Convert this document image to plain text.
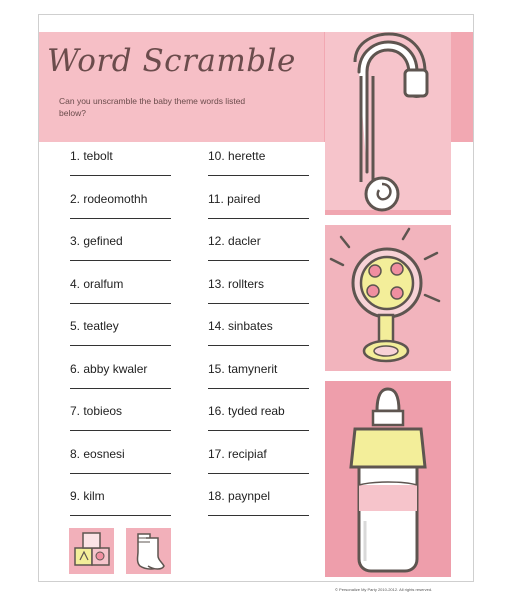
Word Scramble
Can you unscramble the baby theme words listed below?
1. tebolt
2. rodeomothh
3. gefined
4. oralfum
5. teatley
6. abby kwaler
7. tobieos
8. eosnesi
9. kilm
10. herette
11. paired
12. dacler
13. rollters
14. sinbates
15. tamynerit
16. tyded reab
17. recipiaf
18. paynpel
© Personalize My Party 2010-2012. All rights reserved.
